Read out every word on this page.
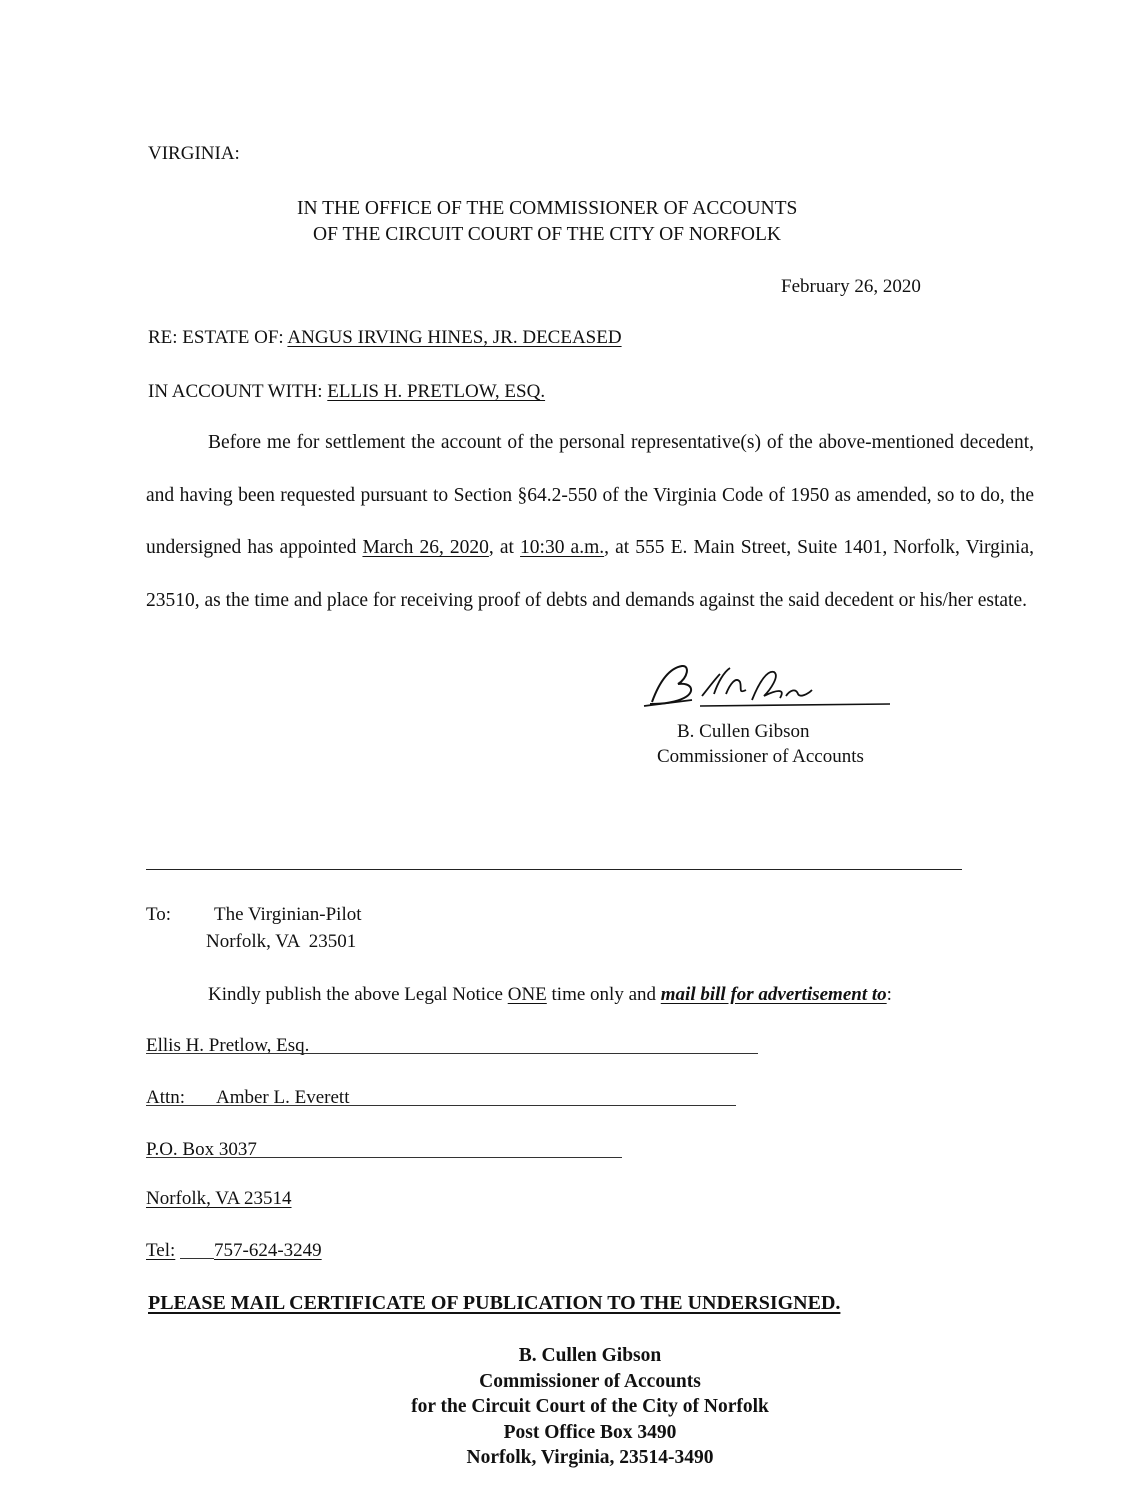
VIRGINIA:
IN THE OFFICE OF THE COMMISSIONER OF ACCOUNTS
OF THE CIRCUIT COURT OF THE CITY OF NORFOLK
February 26, 2020
RE: ESTATE OF: ANGUS IRVING HINES, JR. DECEASED
IN ACCOUNT WITH: ELLIS H. PRETLOW, ESQ.
Before me for settlement the account of the personal representative(s) of the above-mentioned decedent, and having been requested pursuant to Section §64.2-550 of the Virginia Code of 1950 as amended, so to do, the undersigned has appointed March 26, 2020, at 10:30 a.m., at 555 E. Main Street, Suite 1401, Norfolk, Virginia, 23510, as the time and place for receiving proof of debts and demands against the said decedent or his/her estate.
B. Cullen Gibson
Commissioner of Accounts
To: The Virginian-Pilot
Norfolk, VA  23501
Kindly publish the above Legal Notice ONE time only and mail bill for advertisement to:
Ellis H. Pretlow, Esq.
Attn: Amber L. Everett
P.O. Box 3037
Norfolk, VA 23514
Tel: 757-624-3249
PLEASE MAIL CERTIFICATE OF PUBLICATION TO THE UNDERSIGNED.
B. Cullen Gibson
Commissioner of Accounts
for the Circuit Court of the City of Norfolk
Post Office Box 3490
Norfolk, Virginia, 23514-3490
